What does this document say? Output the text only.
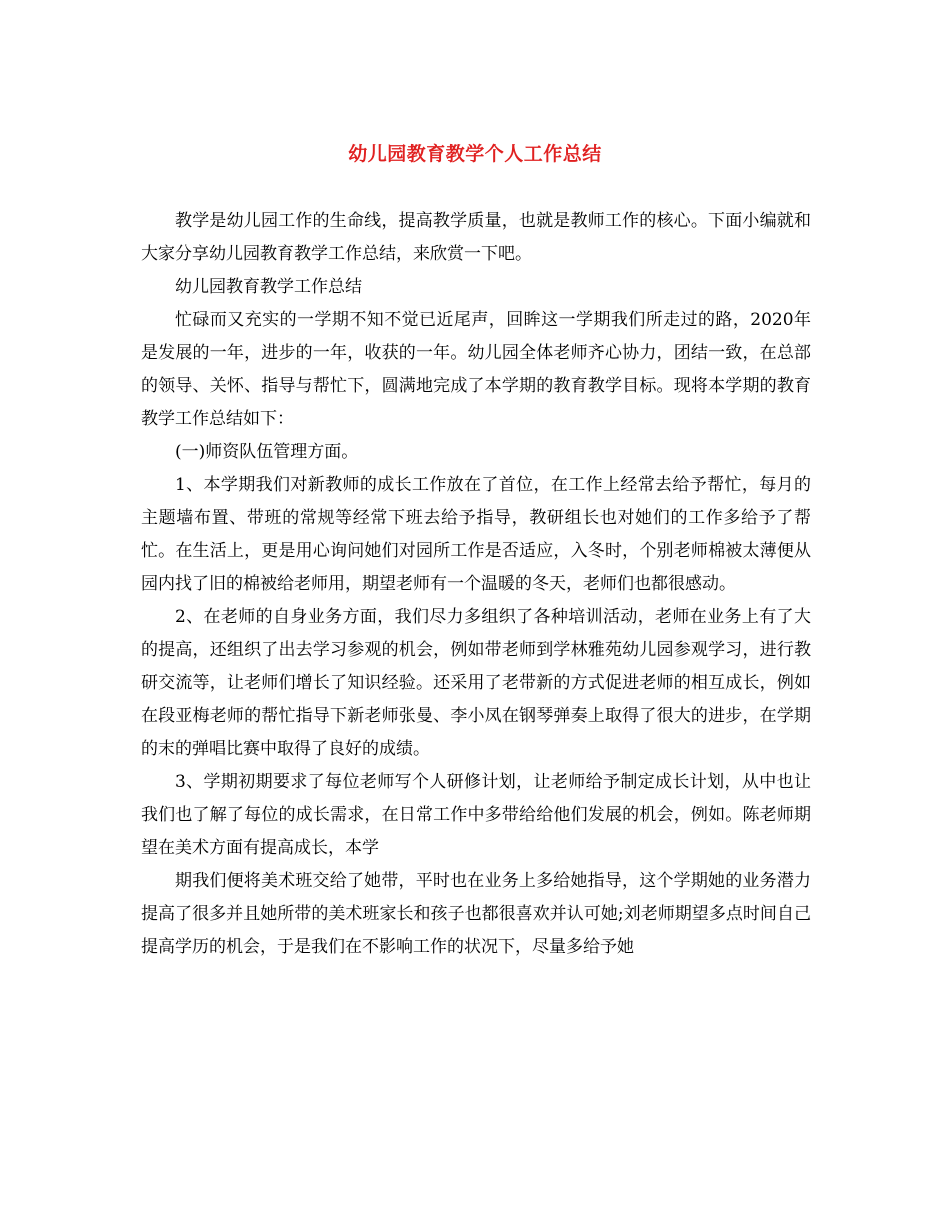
幼儿园教育教学个人工作总结

教学是幼儿园工作的生命线，提高教学质量，也就是教师工作的核心。下面小编就和大家分享幼儿园教育教学工作总结，来欣赏一下吧。

幼儿园教育教学工作总结

忙碌而又充实的一学期不知不觉已近尾声，回眸这一学期我们所走过的路，2020年是发展的一年，进步的一年，收获的一年。幼儿园全体老师齐心协力，团结一致，在总部的领导、关怀、指导与帮忙下，圆满地完成了本学期的教育教学目标。现将本学期的教育教学工作总结如下：

(一)师资队伍管理方面。

1、本学期我们对新教师的成长工作放在了首位，在工作上经常去给予帮忙，每月的主题墙布置、带班的常规等经常下班去给予指导，教研组长也对她们的工作多给予了帮忙。在生活上，更是用心询问她们对园所工作是否适应，入冬时，个别老师棉被太薄便从园内找了旧的棉被给老师用，期望老师有一个温暖的冬天，老师们也都很感动。

2、在老师的自身业务方面，我们尽力多组织了各种培训活动，老师在业务上有了大的提高，还组织了出去学习参观的机会，例如带老师到学林雅苑幼儿园参观学习，进行教研交流等，让老师们增长了知识经验。还采用了老带新的方式促进老师的相互成长，例如在段亚梅老师的帮忙指导下新老师张曼、李小凤在钢琴弹奏上取得了很大的进步，在学期的末的弹唱比赛中取得了良好的成绩。

3、学期初期要求了每位老师写个人研修计划，让老师给予制定成长计划，从中也让我们也了解了每位的成长需求，在日常工作中多带给给他们发展的机会，例如。陈老师期望在美术方面有提高成长，本学

期我们便将美术班交给了她带，平时也在业务上多给她指导，这个学期她的业务潜力提高了很多并且她所带的美术班家长和孩子也都很喜欢并认可她;刘老师期望多点时间自己提高学历的机会，于是我们在不影响工作的状况下，尽量多给予她
